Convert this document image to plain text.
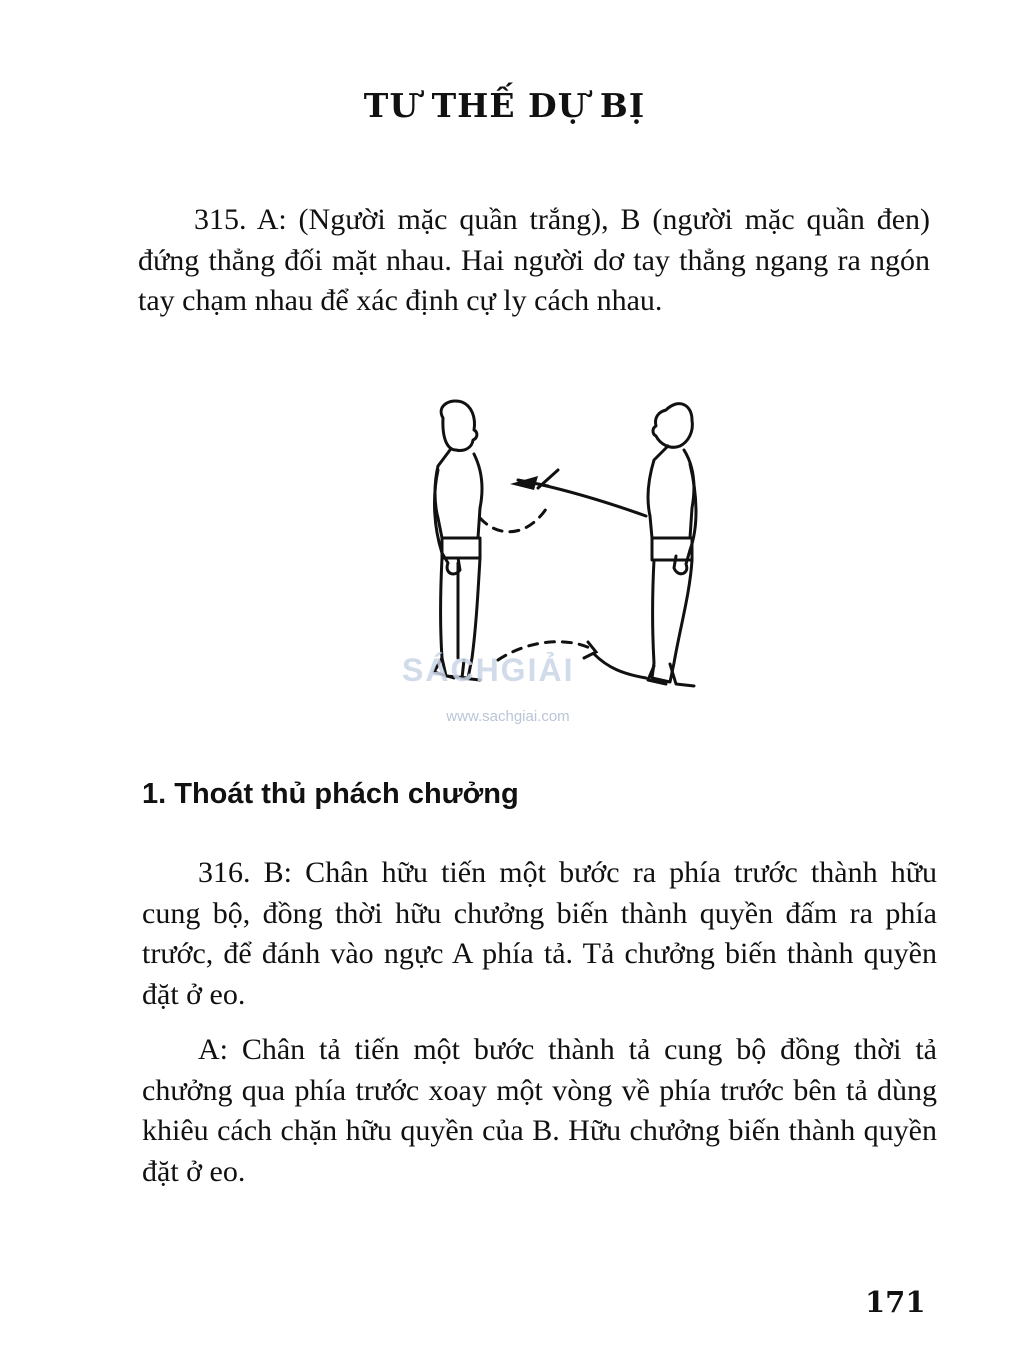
TƯ THẾ DỰ BỊ

315. A: (Người mặc quần trắng), B (người mặc quần đen) đứng thẳng đối mặt nhau. Hai người dơ tay thẳng ngang ra ngón tay chạm nhau để xác định cự ly cách nhau.

SÁCHGIẢI
www.sachgiai.com
1. Thoát thủ phách chưởng

316. B: Chân hữu tiến một bước ra phía trước thành hữu cung bộ, đồng thời hữu chưởng biến thành quyền đấm ra phía trước, để đánh vào ngực A phía tả. Tả chưởng biến thành quyền đặt ở eo.

A: Chân tả tiến một bước thành tả cung bộ đồng thời tả chưởng qua phía trước xoay một vòng về phía trước bên tả dùng khiêu cách chặn hữu quyền của B. Hữu chưởng biến thành quyền đặt ở eo.

171
